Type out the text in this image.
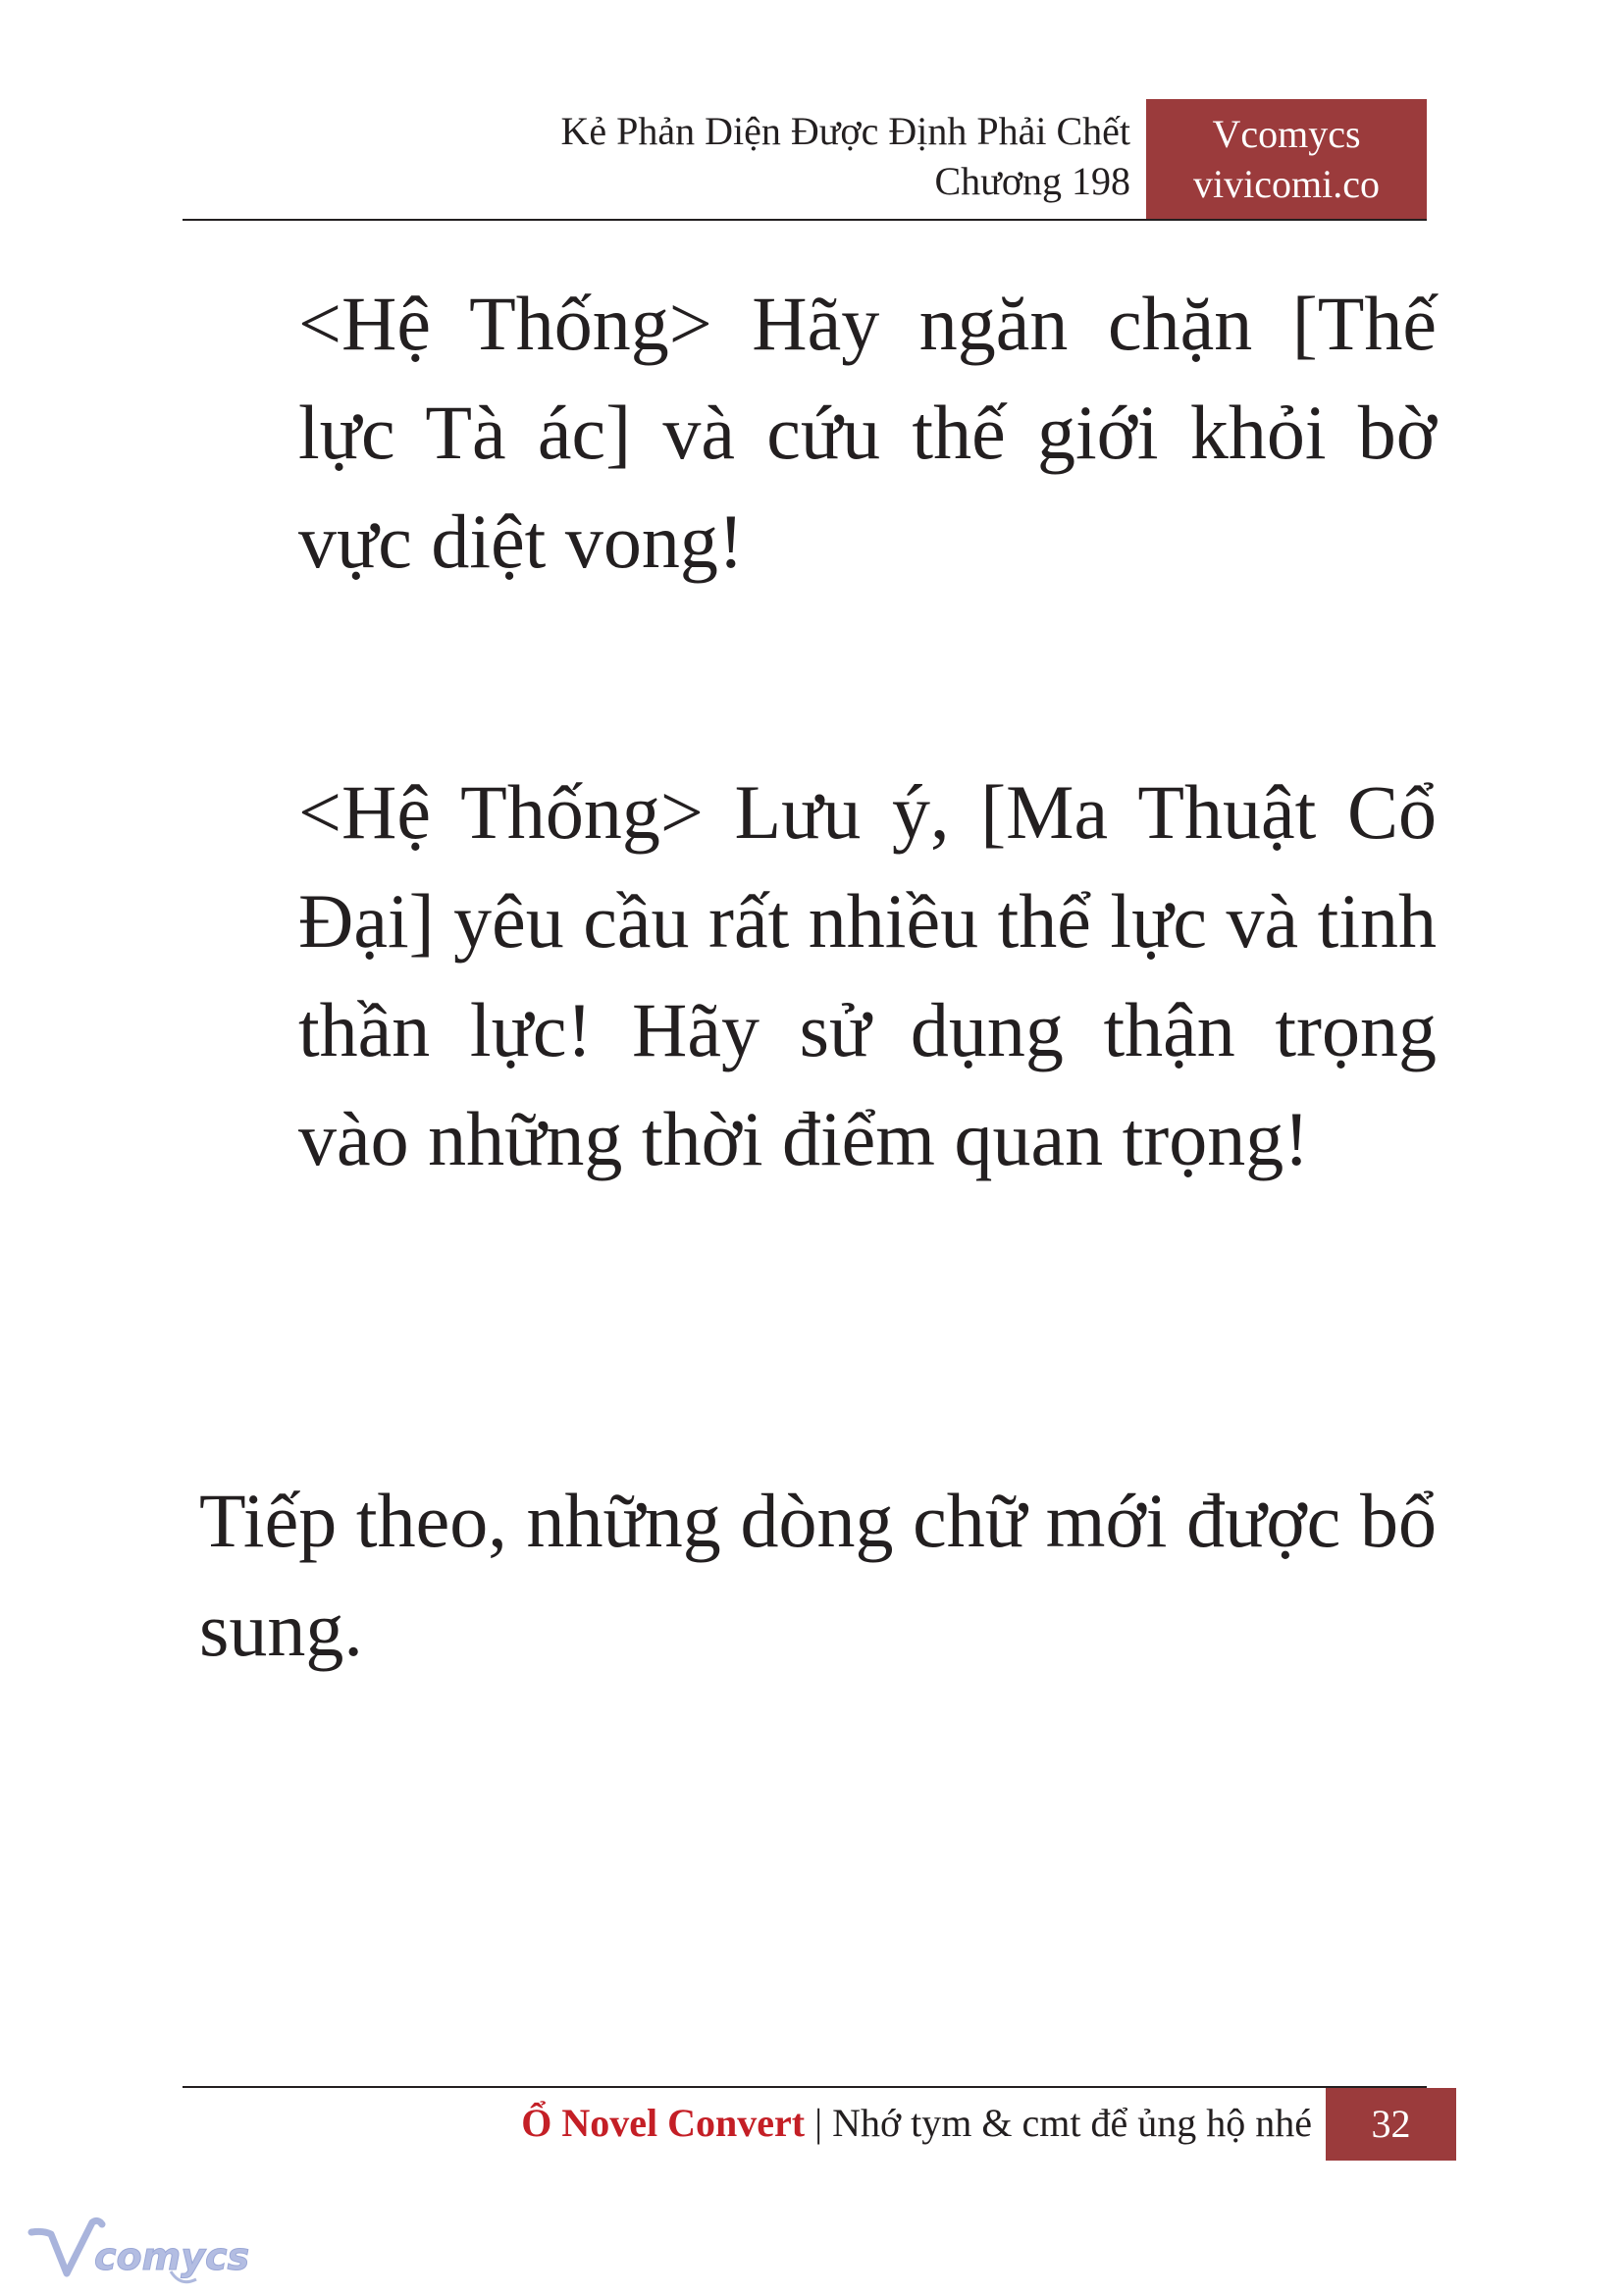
Kẻ Phản Diện Được Định Phải Chết
Chương 198
Vcomycs
vivicomi.co
<Hệ Thống> Hãy ngăn chặn [Thế lực Tà ác] và cứu thế giới khỏi bờ vực diệt vong!
<Hệ Thống> Lưu ý, [Ma Thuật Cổ Đại] yêu cầu rất nhiều thể lực và tinh thần lực! Hãy sử dụng thận trọng vào những thời điểm quan trọng!
Tiếp theo, những dòng chữ mới được bổ sung.
Ổ Novel Convert | Nhớ tym & cmt để ủng hộ nhé	32
comycs
